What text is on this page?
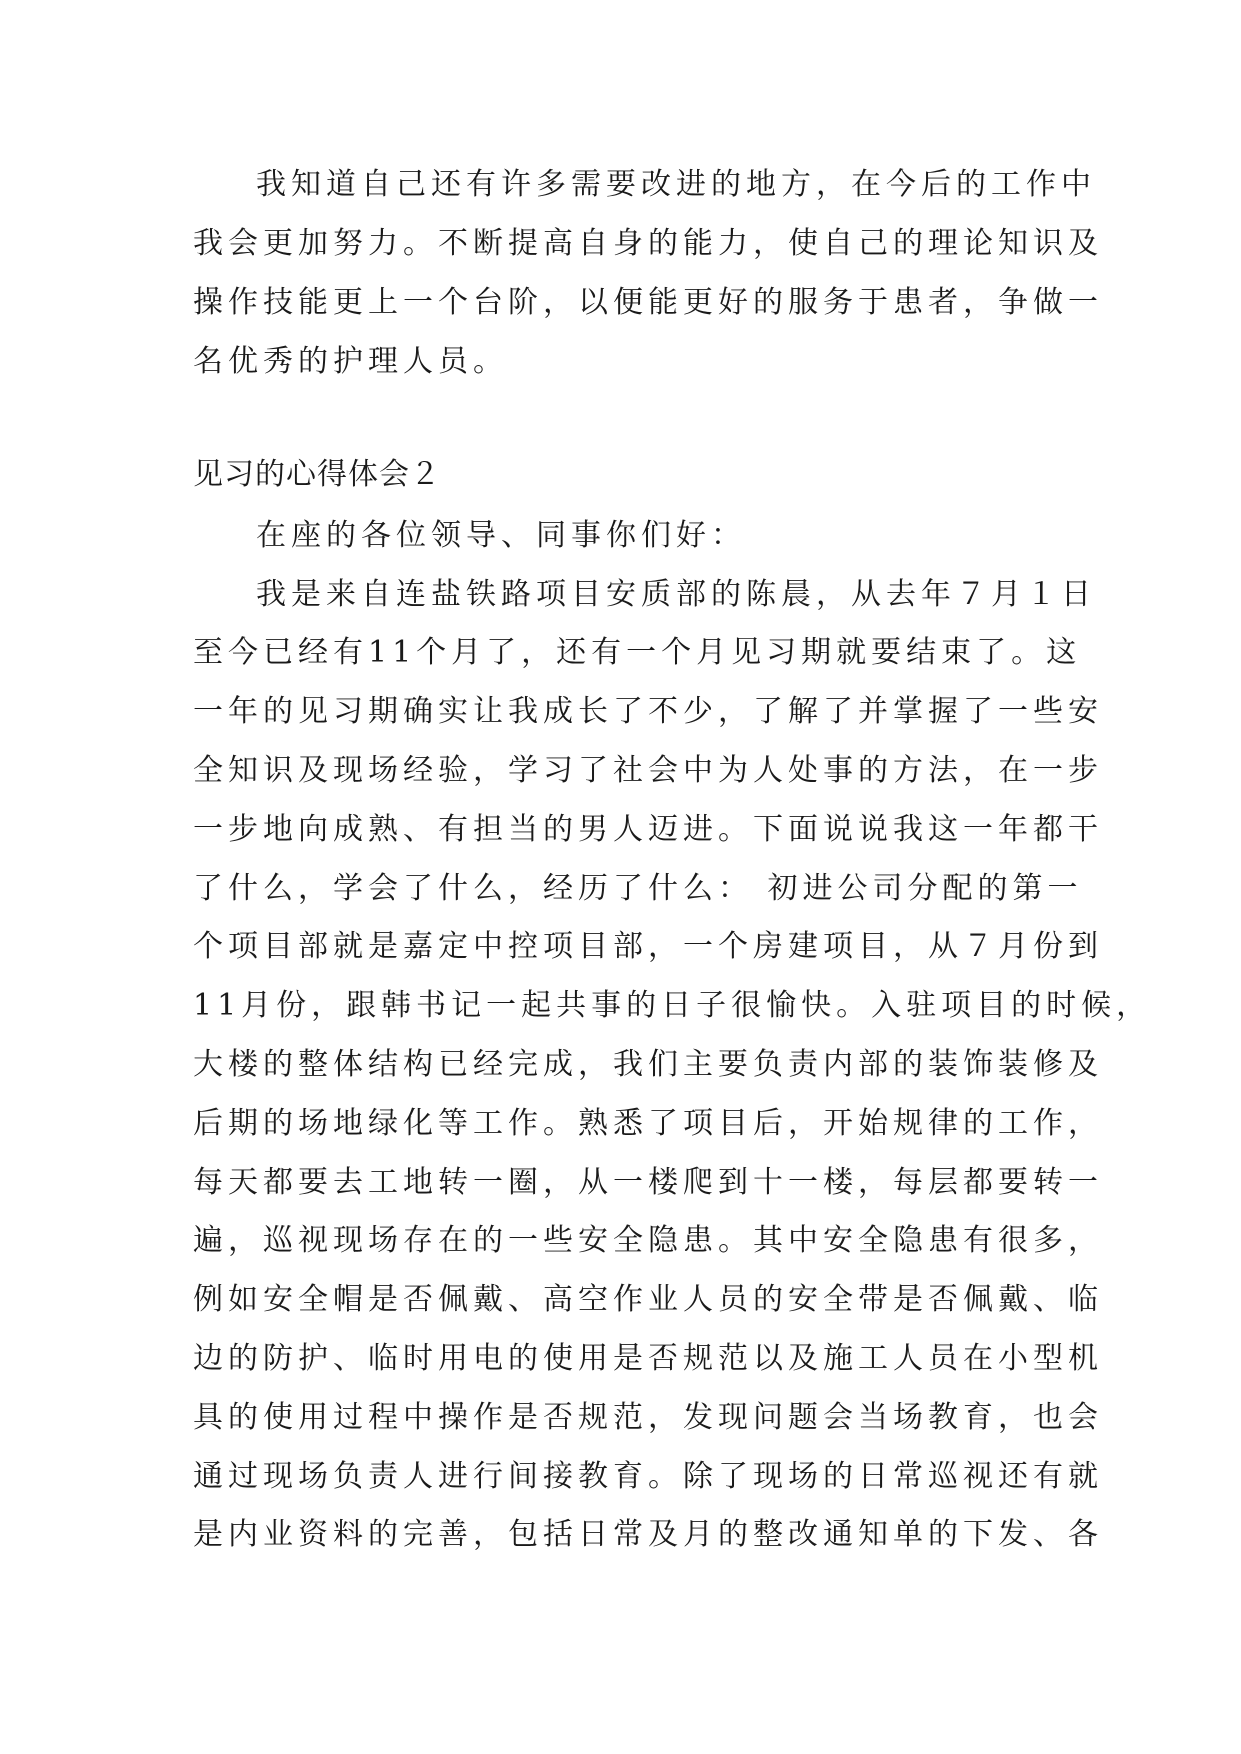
我知道自己还有许多需要改进的地方，在今后的工作中
我会更加努力。不断提高自身的能力，使自己的理论知识及
操作技能更上一个台阶，以便能更好的服务于患者，争做一
名优秀的护理人员。
见习的心得体会２
在座的各位领导、同事你们好：
我是来自连盐铁路项目安质部的陈晨，从去年７月１日
至今已经有11个月了，还有一个月见习期就要结束了。这
一年的见习期确实让我成长了不少，了解了并掌握了一些安
全知识及现场经验，学习了社会中为人处事的方法，在一步
一步地向成熟、有担当的男人迈进。下面说说我这一年都干
了什么，学会了什么，经历了什么： 初进公司分配的第一
个项目部就是嘉定中控项目部，一个房建项目，从７月份到
11月份，跟韩书记一起共事的日子很愉快。入驻项目的时候，
大楼的整体结构已经完成，我们主要负责内部的装饰装修及
后期的场地绿化等工作。熟悉了项目后，开始规律的工作，
每天都要去工地转一圈，从一楼爬到十一楼，每层都要转一
遍，巡视现场存在的一些安全隐患。其中安全隐患有很多，
例如安全帽是否佩戴、高空作业人员的安全带是否佩戴、临
边的防护、临时用电的使用是否规范以及施工人员在小型机
具的使用过程中操作是否规范，发现问题会当场教育，也会
通过现场负责人进行间接教育。除了现场的日常巡视还有就
是内业资料的完善，包括日常及月的整改通知单的下发、各
